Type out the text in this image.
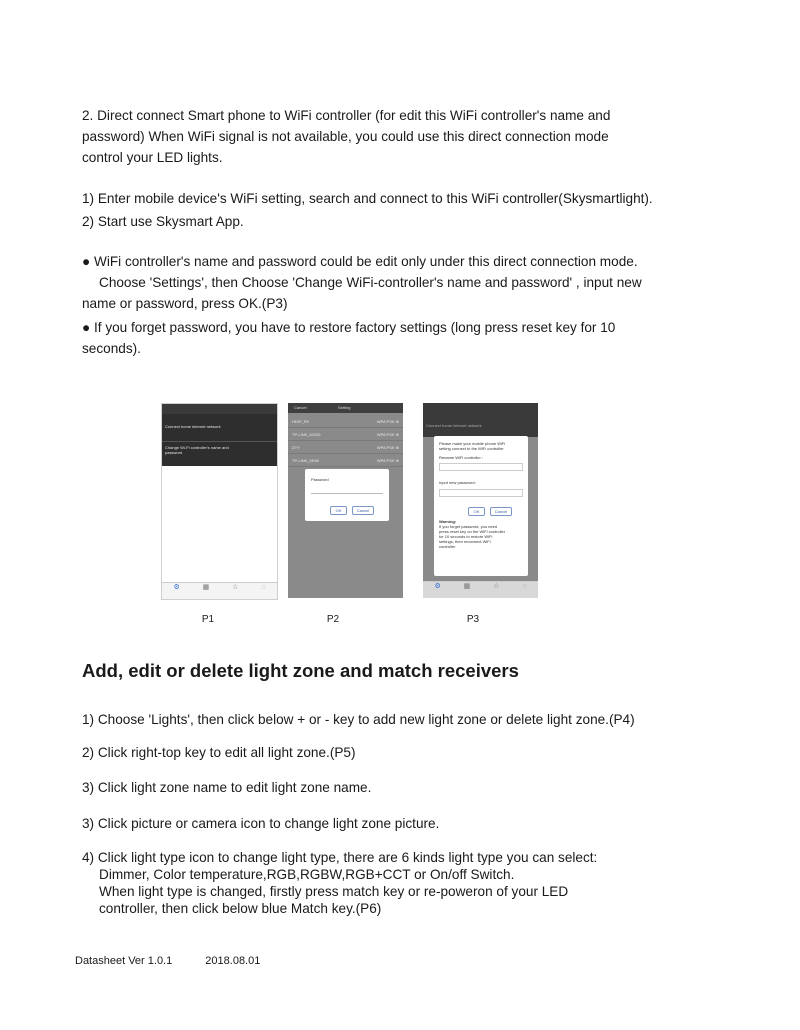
2. Direct connect Smart phone to WiFi controller (for edit this WiFi controller's name and

password) When WiFi signal is not available, you could use this direct connection mode

control your LED lights.

1) Enter mobile device's WiFi setting, search and connect to this WiFi controller(Skysmartlight).

2) Start use Skysmart App.

● WiFi controller's name and password could be edit only under this direct connection mode.

Choose 'Settings', then Choose 'Change WiFi-controller's name and password' , input new

name or password, press OK.(P3)

● If you forget password, you have to restore factory settings (long press reset key for 10

seconds).

Connect home internet network
Change Wi-Fi controller's name and
password
⚙	▦	☆	◌
P1
Cancel	Setting
HDIP_R9	WPA PSK ⊕
TP-LINK_DD5D	WPA PSK ⊕
ZYY	WPA PSK ⊕
TP-LINK_5E66	WPA PSK ⊕
Password
OK	Cancel
P2
Connect home internet network
Please make your mobile phone WiFi
setting connect to the WiFi controller
Rename WiFi controller :
Input new password:
OK	Cancel
Warning:
If you forget password, you need
press reset key on the WiFi controller
for 10 seconds to restore WiFi
settings, then reconnect WiFi
controller
⚙	▦	☆	◌
P3
Add, edit or delete light zone and match receivers

1) Choose 'Lights', then click below + or - key to add new light zone or delete light zone.(P4)

2) Click right-top key to edit all light zone.(P5)

3) Click light zone name to edit light zone name.

3) Click picture or camera icon to change light zone picture.

4) Click light type icon to change light type, there are 6 kinds light type you can select:

Dimmer, Color temperature,RGB,RGBW,RGB+CCT or On/off Switch.

When light type is changed, firstly press match key or re-poweron of your LED

controller, then click below blue Match key.(P6)

Datasheet Ver 1.0.1	2018.08.01
